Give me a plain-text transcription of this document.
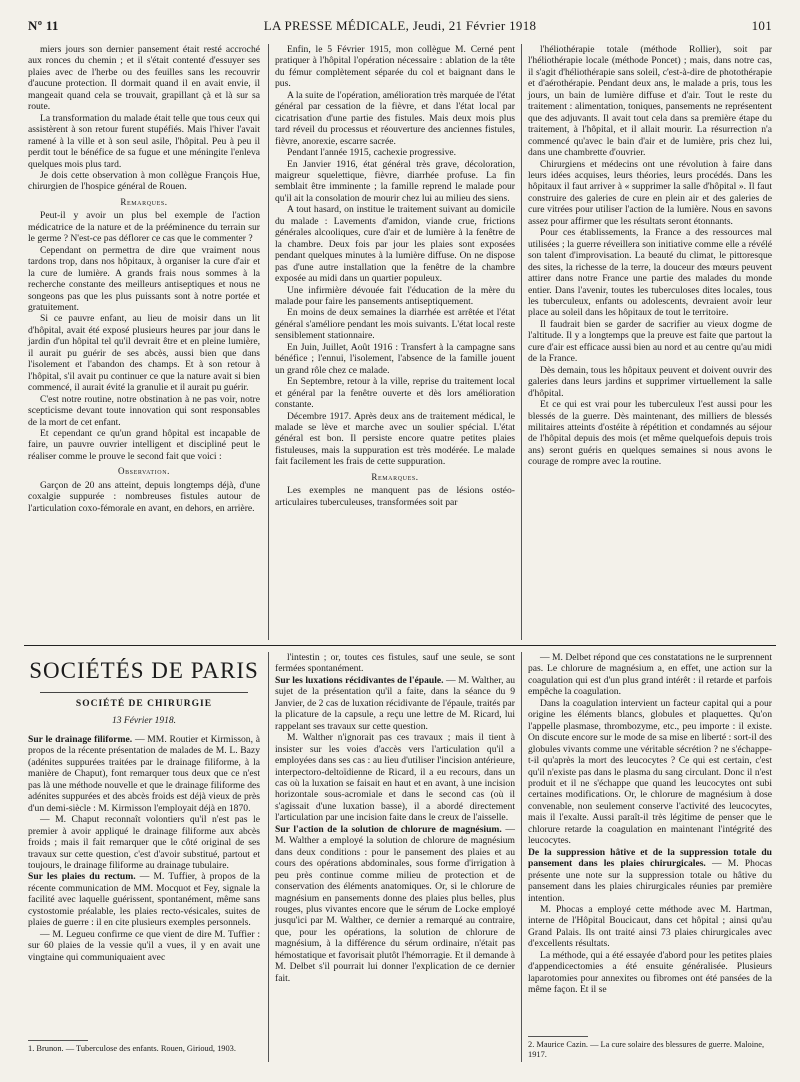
Nº 11	LA PRESSE MÉDICALE, Jeudi, 21 Février 1918	101

miers jours son dernier pansement était resté accroché aux ronces du chemin ; et il s'était contenté d'essuyer ses plaies avec de l'herbe ou des feuilles sans les recouvrir d'aucune protection. Il dormait quand il en avait envie, il mangeait quand cela se trouvait, grapillant çà et là sur sa route.

La transformation du malade était telle que tous ceux qui assistèrent à son retour furent stupéfiés. Mais l'hiver l'avait ramené à la ville et à son seul asile, l'hôpital. Peu à peu il perdit tout le bénéfice de sa fugue et une méningite l'enleva quelques mois plus tard.

Je dois cette observation à mon collègue François Hue, chirurgien de l'hospice général de Rouen.

Remarques.

Peut-il y avoir un plus bel exemple de l'action médicatrice de la nature et de la prééminence du terrain sur le germe ? N'est-ce pas déflorer ce cas que le commenter ?

Cependant on permettra de dire que vraiment nous tardons trop, dans nos hôpitaux, à organiser la cure d'air et la cure de lumière. A grands frais nous sommes à la recherche constante des meilleurs antiseptiques et nous ne songeons pas que les plus puissants sont à notre portée et gratuitement.

Si ce pauvre enfant, au lieu de moisir dans un lit d'hôpital, avait été exposé plusieurs heures par jour dans le jardin d'un hôpital tel qu'il devrait être et en pleine lumière, il aurait pu guérir de ses abcès, aussi bien que dans l'isolement et l'abandon des champs. Et à son retour à l'hôpital, s'il avait pu continuer ce que la nature avait si bien commencé, il aurait évité la granulie et il aurait pu guérir.

C'est notre routine, notre obstination à ne pas voir, notre scepticisme devant toute innovation qui sont responsables de la mort de cet enfant.

Et cependant ce qu'un grand hôpital est incapable de faire, un pauvre ouvrier intelligent et discipliné peut le réaliser comme le prouve le second fait que voici :

Observation.

Garçon de 20 ans atteint, depuis longtemps déjà, d'une coxalgie suppurée : nombreuses fistules autour de l'articulation coxo-fémorale en avant, en dehors, en arrière.

Enfin, le 5 Février 1915, mon collègue M. Cerné pent pratiquer à l'hôpital l'opération nécessaire : ablation de la tête du fémur complètement séparée du col et baignant dans le pus.

A la suite de l'opération, amélioration très marquée de l'état général par cessation de la fièvre, et dans l'état local par cicatrisation d'une partie des fistules. Mais deux mois plus tard réveil du processus et réouverture des anciennes fistules, fièvre, anorexie, escarre sacrée.

Pendant l'année 1915, cachexie progressive.

En Janvier 1916, état général très grave, décoloration, maigreur squelettique, fièvre, diarrhée profuse. La fin semblait être imminente ; la famille reprend le malade pour qu'il ait la consolation de mourir chez lui au milieu des siens.

A tout hasard, on institue le traitement suivant au domicile du malade : Lavements d'amidon, viande crue, frictions générales alcooliques, cure d'air et de lumière à la fenêtre de la chambre. Deux fois par jour les plaies sont exposées pendant quelques minutes à la lumière diffuse. On ne dispose pas d'une autre installation que la fenêtre de la chambre exposée au midi dans un quartier populeux.

Une infirmière dévouée fait l'éducation de la mère du malade pour faire les pansements antiseptiquement.

En moins de deux semaines la diarrhée est arrêtée et l'état général s'améliore pendant les mois suivants. L'état local reste sensiblement stationnaire.

En Juin, Juillet, Août 1916 : Transfert à la campagne sans bénéfice ; l'ennui, l'isolement, l'absence de la famille jouent un grand rôle chez ce malade.

En Septembre, retour à la ville, reprise du traitement local et général par la fenêtre ouverte et dès lors amélioration constante.

Décembre 1917. Après deux ans de traitement médical, le malade se lève et marche avec un soulier spécial. L'état général est bon. Il persiste encore quatre petites plaies fistuleuses, mais la suppuration est très modérée. Le malade fait facilement les frais de cette suppuration.

Remarques.

Les exemples ne manquent pas de lésions ostéo-articulaires tuberculeuses, transformées soit par

l'héliothérapie totale (méthode Rollier), soit par l'héliothérapie locale (méthode Poncet) ; mais, dans notre cas, il s'agit d'héliothérapie sans soleil, c'est-à-dire de photothérapie et d'aérothérapie. Pendant deux ans, le malade a pris, tous les jours, un bain de lumière diffuse et d'air. Tout le reste du traitement : alimentation, toniques, pansements ne représentent que des adjuvants. Il avait tout cela dans sa première étape du traitement, à l'hôpital, et il allait mourir. La résurrection n'a commencé qu'avec le bain d'air et de lumière, pris chez lui, dans une chambrette d'ouvrier.

Chirurgiens et médecins ont une révolution à faire dans leurs idées acquises, leurs théories, leurs procédés. Dans les hôpitaux il faut arriver à « supprimer la salle d'hôpital ». Il faut construire des galeries de cure en plein air et des galeries de cure vitrées pour utiliser l'action de la lumière. Nous en savons assez pour affirmer que les résultats seront étonnants.

Pour ces établissements, la France a des ressources mal utilisées ; la guerre réveillera son initiative comme elle a révélé son talent d'improvisation. La beauté du climat, le pittoresque des sites, la richesse de la terre, la douceur des mœurs peuvent attirer dans notre France une partie des malades du monde entier. Dans l'avenir, toutes les tuberculoses dites locales, tous les tuberculeux, enfants ou adolescents, devraient avoir leur place au soleil dans les hôpitaux de tout le territoire.

Il faudrait bien se garder de sacrifier au vieux dogme de l'altitude. Il y a longtemps que la preuve est faite que partout la cure d'air est efficace aussi bien au nord et au centre qu'au midi de la France.

Dès demain, tous les hôpitaux peuvent et doivent ouvrir des galeries dans leurs jardins et supprimer virtuellement la salle d'hôpital.

Et ce qui est vrai pour les tuberculeux l'est aussi pour les blessés de la guerre. Dès maintenant, des milliers de blessés militaires atteints d'ostéite à répétition et condamnés au séjour de l'hôpital depuis des mois (et même quelquefois depuis trois ans) seront guéris en quelques semaines si nous avons le courage de rompre avec la routine.

SOCIÉTÉS DE PARIS
SOCIÉTÉ DE CHIRURGIE
13 Février 1918.

Sur le drainage filiforme. — MM. Routier et Kirmisson, à propos de la récente présentation de malades de M. L. Bazy (adénites suppurées traitées par le drainage filiforme, à la manière de Chaput), font remarquer tous deux que ce n'est pas là une méthode nouvelle et que le drainage filiforme des adénites suppurées et des abcès froids est déjà vieux de près d'un demi-siècle : M. Kirmisson l'employait déjà en 1870.

— M. Chaput reconnaît volontiers qu'il n'est pas le premier à avoir appliqué le drainage filiforme aux abcès froids ; mais il fait remarquer que le côté original de ses travaux sur cette question, c'est d'avoir substitué, partout et toujours, le drainage filiforme au drainage tubulaire.

Sur les plaies du rectum. — M. Tuffier, à propos de la récente communication de MM. Mocquot et Fey, signale la facilité avec laquelle guérissent, spontanément, même sans cystostomie préalable, les plaies recto-vésicales, suites de plaies de guerre : il en cite plusieurs exemples personnels.

— M. Legueu confirme ce que vient de dire M. Tuffier : sur 60 plaies de la vessie qu'il a vues, il y en avait une vingtaine qui communiquaient avec

l'intestin ; or, toutes ces fistules, sauf une seule, se sont fermées spontanément.

Sur les luxations récidivantes de l'épaule. — M. Walther, au sujet de la présentation qu'il a faite, dans la séance du 9 Janvier, de 2 cas de luxation récidivante de l'épaule, traités par la plicature de la capsule, a reçu une lettre de M. Ricard, lui rappelant ses travaux sur cette question.

M. Walther n'ignorait pas ces travaux ; mais il tient à insister sur les voies d'accès vers l'articulation qu'il a employées dans ses cas : au lieu d'utiliser l'incision antérieure, interpectoro-deltoïdienne de Ricard, il a eu recours, dans un cas où la luxation se faisait en haut et en avant, à une incision horizontale sous-acromiale et dans le second cas (où il s'agissait d'une luxation basse), il a abordé directement l'articulation par une incision faite dans le creux de l'aisselle.

Sur l'action de la solution de chlorure de magnésium. — M. Walther a employé la solution de chlorure de magnésium dans deux conditions : pour le pansement des plaies et au cours des opérations abdominales, sous forme d'irrigation à peu près continue comme milieu de protection et de conservation des éléments anatomiques. Or, si le chlorure de magnésium en pansements donne des plaies plus belles, plus rouges, plus vivantes encore que le sérum de Locke employé jusqu'ici par M. Walther, ce dernier a remarqué au contraire, que, pour les opérations, la solution de chlorure de magnésium, à la différence du sérum ordinaire, n'était pas hémostatique et favorisait plutôt l'hémorragie. Et il demande à M. Delbet s'il pourrait lui donner l'explication de ce dernier fait.

— M. Delbet répond que ces constatations ne le surprennent pas. Le chlorure de magnésium a, en effet, une action sur la coagulation qui est d'un plus grand intérêt : il retarde et parfois empêche la coagulation.

Dans la coagulation intervient un facteur capital qui a pour origine les éléments blancs, globules et plaquettes. Qu'on l'appelle plasmase, thrombozyme, etc., peu importe : il existe. On discute encore sur le mode de sa mise en liberté : sort-il des globules vivants comme une véritable sécrétion ? ne s'échappe-t-il qu'après la mort des leucocytes ? Ce qui est certain, c'est qu'il n'existe pas dans le plasma du sang circulant. Donc il n'est produit et il ne s'échappe que quand les leucocytes ont subi certaines modifications. Or, le chlorure de magnésium à dose convenable, non seulement conserve l'activité des leucocytes, mais il l'exalte. Aussi paraît-il très légitime de penser que le chlorure retarde la coagulation en maintenant l'intégrité des leucocytes.

De la suppression hâtive et de la suppression totale du pansement dans les plaies chirurgicales. — M. Phocas présente une note sur la suppression totale ou hâtive du pansement dans les plaies chirurgicales réunies par première intention.

M. Phocas a employé cette méthode avec M. Hartman, interne de l'Hôpital Boucicaut, dans cet hôpital ; ainsi qu'au Grand Palais. Ils ont traité ainsi 73 plaies chirurgicales avec d'excellents résultats.

La méthode, qui a été essayée d'abord pour les petites plaies d'appendicectomies a été ensuite généralisée. Plusieurs laparotomies pour annexites ou fibromes ont été pansées de la même façon. Et il se

1. Brunon. — Tuberculose des enfants. Rouen, Girioud, 1903.	2. Maurice Cazin. — La cure solaire des blessures de guerre. Maloine, 1917.
